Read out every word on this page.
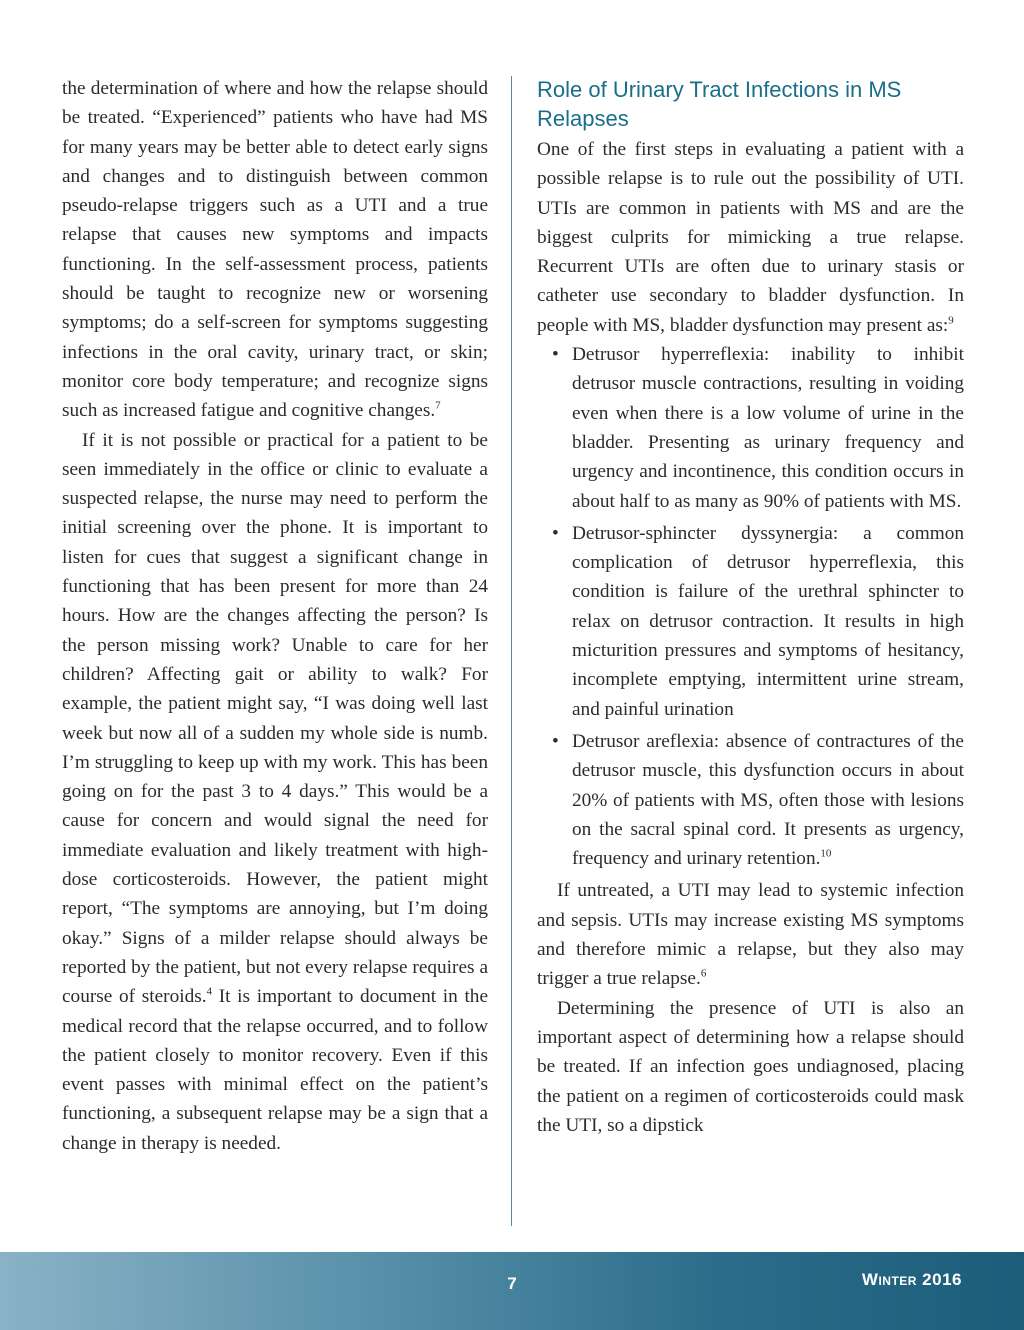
the determination of where and how the relapse should be treated. “Experienced” patients who have had MS for many years may be better able to detect early signs and changes and to distinguish between common pseudo-relapse triggers such as a UTI and a true relapse that causes new symptoms and impacts functioning. In the self-assessment process, patients should be taught to recognize new or worsening symptoms; do a self-screen for symptoms suggesting infections in the oral cavity, urinary tract, or skin; monitor core body temperature; and recognize signs such as increased fatigue and cognitive changes.$^7$

If it is not possible or practical for a patient to be seen immediately in the office or clinic to evaluate a suspected relapse, the nurse may need to perform the initial screening over the phone. It is important to listen for cues that suggest a significant change in functioning that has been present for more than 24 hours. How are the changes affecting the person? Is the person missing work? Unable to care for her children? Affecting gait or ability to walk? For example, the patient might say, “I was doing well last week but now all of a sudden my whole side is numb. I’m struggling to keep up with my work. This has been going on for the past 3 to 4 days.” This would be a cause for concern and would signal the need for immediate evaluation and likely treatment with high-dose corticosteroids. However, the patient might report, “The symptoms are annoying, but I’m doing okay.” Signs of a milder relapse should always be reported by the patient, but not every relapse requires a course of steroids.$^4$ It is important to document in the medical record that the relapse occurred, and to follow the patient closely to monitor recovery. Even if this event passes with minimal effect on the patient’s functioning, a subsequent relapse may be a sign that a change in therapy is needed.

Role of Urinary Tract Infections in MS Relapses

One of the first steps in evaluating a patient with a possible relapse is to rule out the possibility of UTI. UTIs are common in patients with MS and are the biggest culprits for mimicking a true relapse. Recurrent UTIs are often due to urinary stasis or catheter use secondary to bladder dysfunction. In people with MS, bladder dysfunction may present as:$^9$

• Detrusor hyperreflexia: inability to inhibit detrusor muscle contractions, resulting in voiding even when there is a low volume of urine in the bladder. Presenting as urinary frequency and urgency and incontinence, this condition occurs in about half to as many as 90% of patients with MS.
• Detrusor-sphincter dyssynergia: a common complication of detrusor hyperreflexia, this condition is failure of the urethral sphincter to relax on detrusor contraction. It results in high micturition pressures and symptoms of hesitancy, incomplete emptying, intermittent urine stream, and painful urination
• Detrusor areflexia: absence of contractures of the detrusor muscle, this dysfunction occurs in about 20% of patients with MS, often those with lesions on the sacral spinal cord. It presents as urgency, frequency and urinary retention.$^{10}$

If untreated, a UTI may lead to systemic infection and sepsis. UTIs may increase existing MS symptoms and therefore mimic a relapse, but they also may trigger a true relapse.$^6$

Determining the presence of UTI is also an important aspect of determining how a relapse should be treated. If an infection goes undiagnosed, placing the patient on a regimen of corticosteroids could mask the UTI, so a dipstick

7	Winter 2016
